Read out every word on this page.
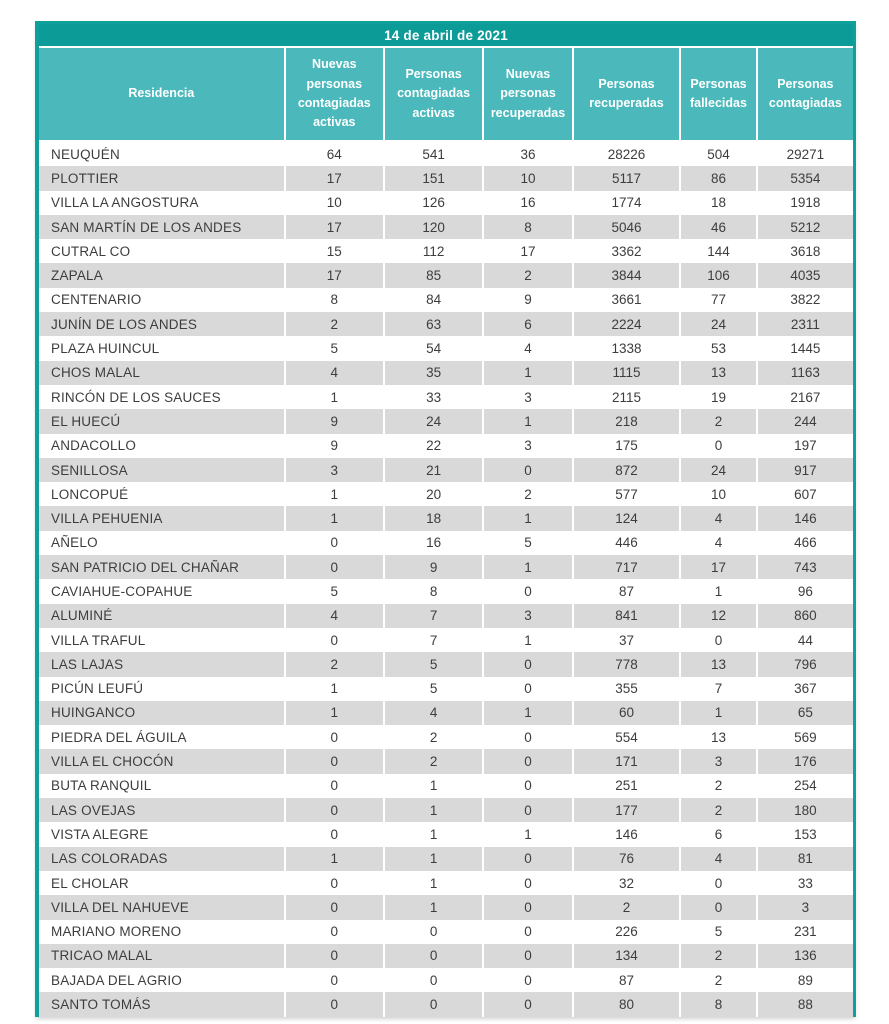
14 de abril de 2021						
Residencia	Nuevas personas contagiadas activas	Personas contagiadas activas	Nuevas personas recuperadas	Personas recuperadas	Personas fallecidas	Personas contagiadas
NEUQUÉN	64	541	36	28226	504	29271
PLOTTIER	17	151	10	5117	86	5354
VILLA LA ANGOSTURA	10	126	16	1774	18	1918
SAN MARTÍN DE LOS ANDES	17	120	8	5046	46	5212
CUTRAL CO	15	112	17	3362	144	3618
ZAPALA	17	85	2	3844	106	4035
CENTENARIO	8	84	9	3661	77	3822
JUNÍN DE LOS ANDES	2	63	6	2224	24	2311
PLAZA HUINCUL	5	54	4	1338	53	1445
CHOS MALAL	4	35	1	1115	13	1163
RINCÓN DE LOS SAUCES	1	33	3	2115	19	2167
EL HUECÚ	9	24	1	218	2	244
ANDACOLLO	9	22	3	175	0	197
SENILLOSA	3	21	0	872	24	917
LONCOPUÉ	1	20	2	577	10	607
VILLA PEHUENIA	1	18	1	124	4	146
AÑELO	0	16	5	446	4	466
SAN PATRICIO DEL CHAÑAR	0	9	1	717	17	743
CAVIAHUE-COPAHUE	5	8	0	87	1	96
ALUMINÉ	4	7	3	841	12	860
VILLA TRAFUL	0	7	1	37	0	44
LAS LAJAS	2	5	0	778	13	796
PICÚN LEUFÚ	1	5	0	355	7	367
HUINGANCO	1	4	1	60	1	65
PIEDRA DEL ÁGUILA	0	2	0	554	13	569
VILLA EL CHOCÓN	0	2	0	171	3	176
BUTA RANQUIL	0	1	0	251	2	254
LAS OVEJAS	0	1	0	177	2	180
VISTA ALEGRE	0	1	1	146	6	153
LAS COLORADAS	1	1	0	76	4	81
EL CHOLAR	0	1	0	32	0	33
VILLA DEL NAHUEVE	0	1	0	2	0	3
MARIANO MORENO	0	0	0	226	5	231
TRICAO MALAL	0	0	0	134	2	136
BAJADA DEL AGRIO	0	0	0	87	2	89
SANTO TOMÁS	0	0	0	80	8	88
